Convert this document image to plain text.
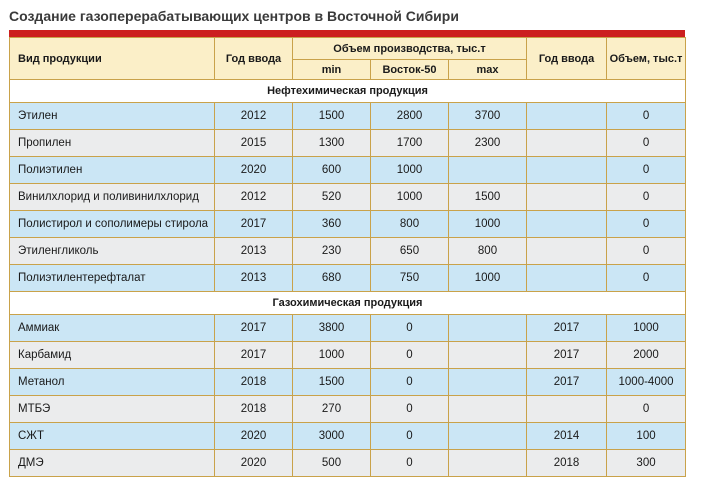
Создание газоперерабатывающих центров в Восточной Сибири
Вид продукции	Год ввода	Объем производства, тыс.т			Год ввода	Объем, тыс.т
		min	Восток-50	max		
Нефтехимическая продукция						
Этилен	2012	1500	2800	3700		0
Пропилен	2015	1300	1700	2300		0
Полиэтилен	2020	600	1000			0
Винилхлорид и поливинилхлорид	2012	520	1000	1500		0
Полистирол и сополимеры стирола	2017	360	800	1000		0
Этиленгликоль	2013	230	650	800		0
Полиэтилентерефталат	2013	680	750	1000		0
Газохимическая продукция						
Аммиак	2017	3800	0		2017	1000
Карбамид	2017	1000	0		2017	2000
Метанол	2018	1500	0		2017	1000-4000
МТБЭ	2018	270	0			0
СЖТ	2020	3000	0		2014	100
ДМЭ	2020	500	0		2018	300
